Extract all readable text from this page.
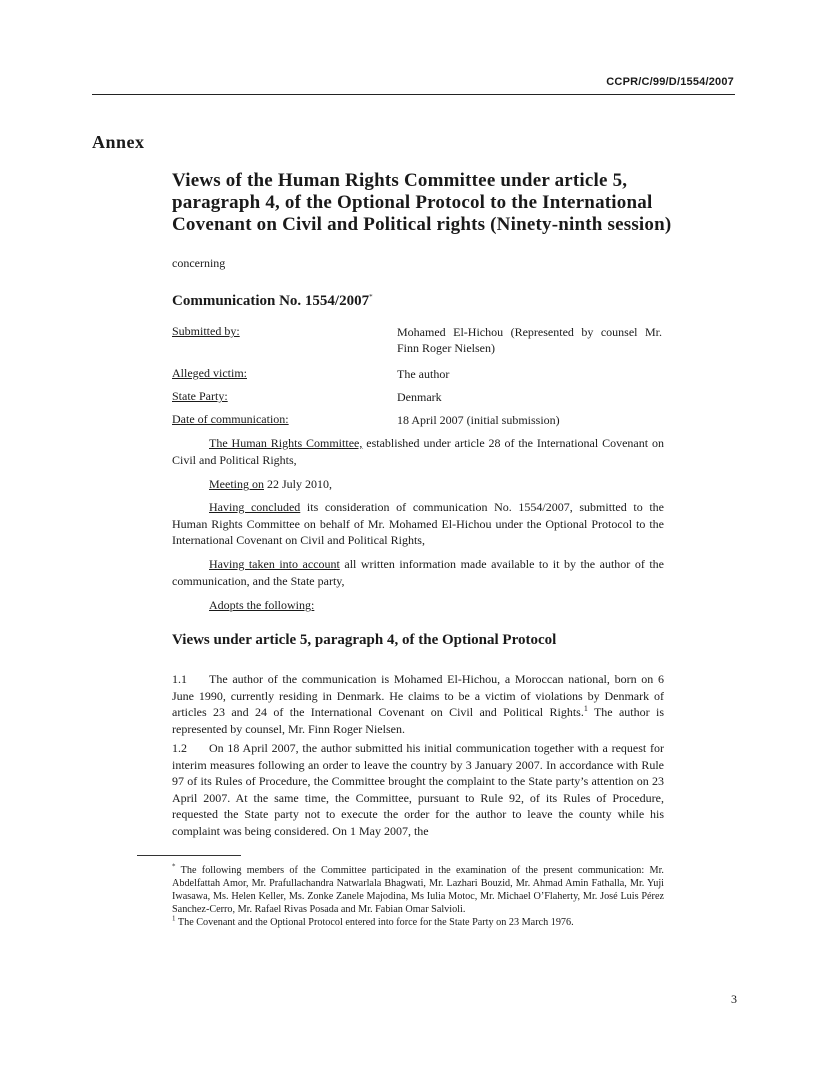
CCPR/C/99/D/1554/2007
Annex
Views of the Human Rights Committee under article 5, paragraph 4, of the Optional Protocol to the International Covenant on Civil and Political rights (Ninety-ninth session)
concerning
Communication No. 1554/2007*
Submitted by:	Mohamed El-Hichou (Represented by counsel Mr. Finn Roger Nielsen)
Alleged victim:	The author
State Party:	Denmark
Date of communication:	18 April 2007 (initial submission)
The Human Rights Committee, established under article 28 of the International Covenant on Civil and Political Rights,
Meeting on 22 July 2010,
Having concluded its consideration of communication No. 1554/2007, submitted to the Human Rights Committee on behalf of Mr. Mohamed El-Hichou under the Optional Protocol to the International Covenant on Civil and Political Rights,
Having taken into account all written information made available to it by the author of the communication, and the State party,
Adopts the following:
Views under article 5, paragraph 4, of the Optional Protocol
1.1 The author of the communication is Mohamed El-Hichou, a Moroccan national, born on 6 June 1990, currently residing in Denmark. He claims to be a victim of violations by Denmark of articles 23 and 24 of the International Covenant on Civil and Political Rights.$^1$ The author is represented by counsel, Mr. Finn Roger Nielsen.
1.2 On 18 April 2007, the author submitted his initial communication together with a request for interim measures following an order to leave the country by 3 January 2007. In accordance with Rule 97 of its Rules of Procedure, the Committee brought the complaint to the State party’s attention on 23 April 2007. At the same time, the Committee, pursuant to Rule 92, of its Rules of Procedure, requested the State party not to execute the order for the author to leave the county while his complaint was being considered. On 1 May 2007, the
* The following members of the Committee participated in the examination of the present communication: Mr. Abdelfattah Amor, Mr. Prafullachandra Natwarlala Bhagwati, Mr. Lazhari Bouzid, Mr. Ahmad Amin Fathalla, Mr. Yuji Iwasawa, Ms. Helen Keller, Ms. Zonke Zanele Majodina, Ms Iulia Motoc, Mr. Michael O’Flaherty, Mr. José Luis Pérez Sanchez-Cerro, Mr. Rafael Rivas Posada and Mr. Fabian Omar Salvioli.
$^1$ The Covenant and the Optional Protocol entered into force for the State Party on 23 March 1976.
3
